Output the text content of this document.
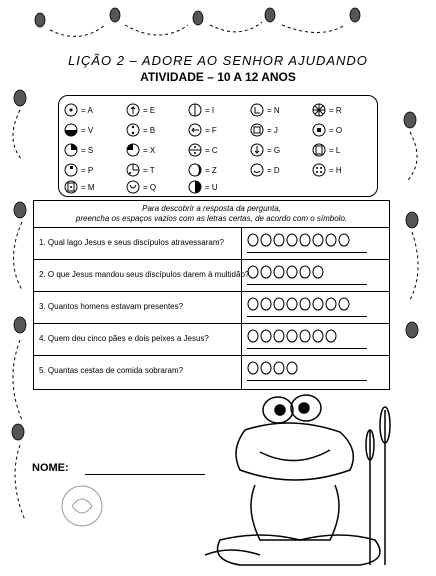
LIÇÃO 2 – ADORE AO SENHOR AJUDANDO
ATIVIDADE – 10 A 12 ANOS
= A	= E	= I	= N	= R
= V	= B	= F	= J	= O
= S	= X	= C	= G	= L
= P	= T	= Z	= D	= H
= M	= Q	= U
Para descobrir a resposta da pergunta,
preencha os espaços vazios com as letras certas, de acordo com o símbolo.
1. Qual lago Jesus e seus discípulos atravessaram?
2. O que Jesus mandou seus discípulos darem à multidão?
3. Quantos homens estavam presentes?
4. Quem deu cinco pães e dois peixes a Jesus?
5. Quantas cestas de comida sobraram?
NOME:
